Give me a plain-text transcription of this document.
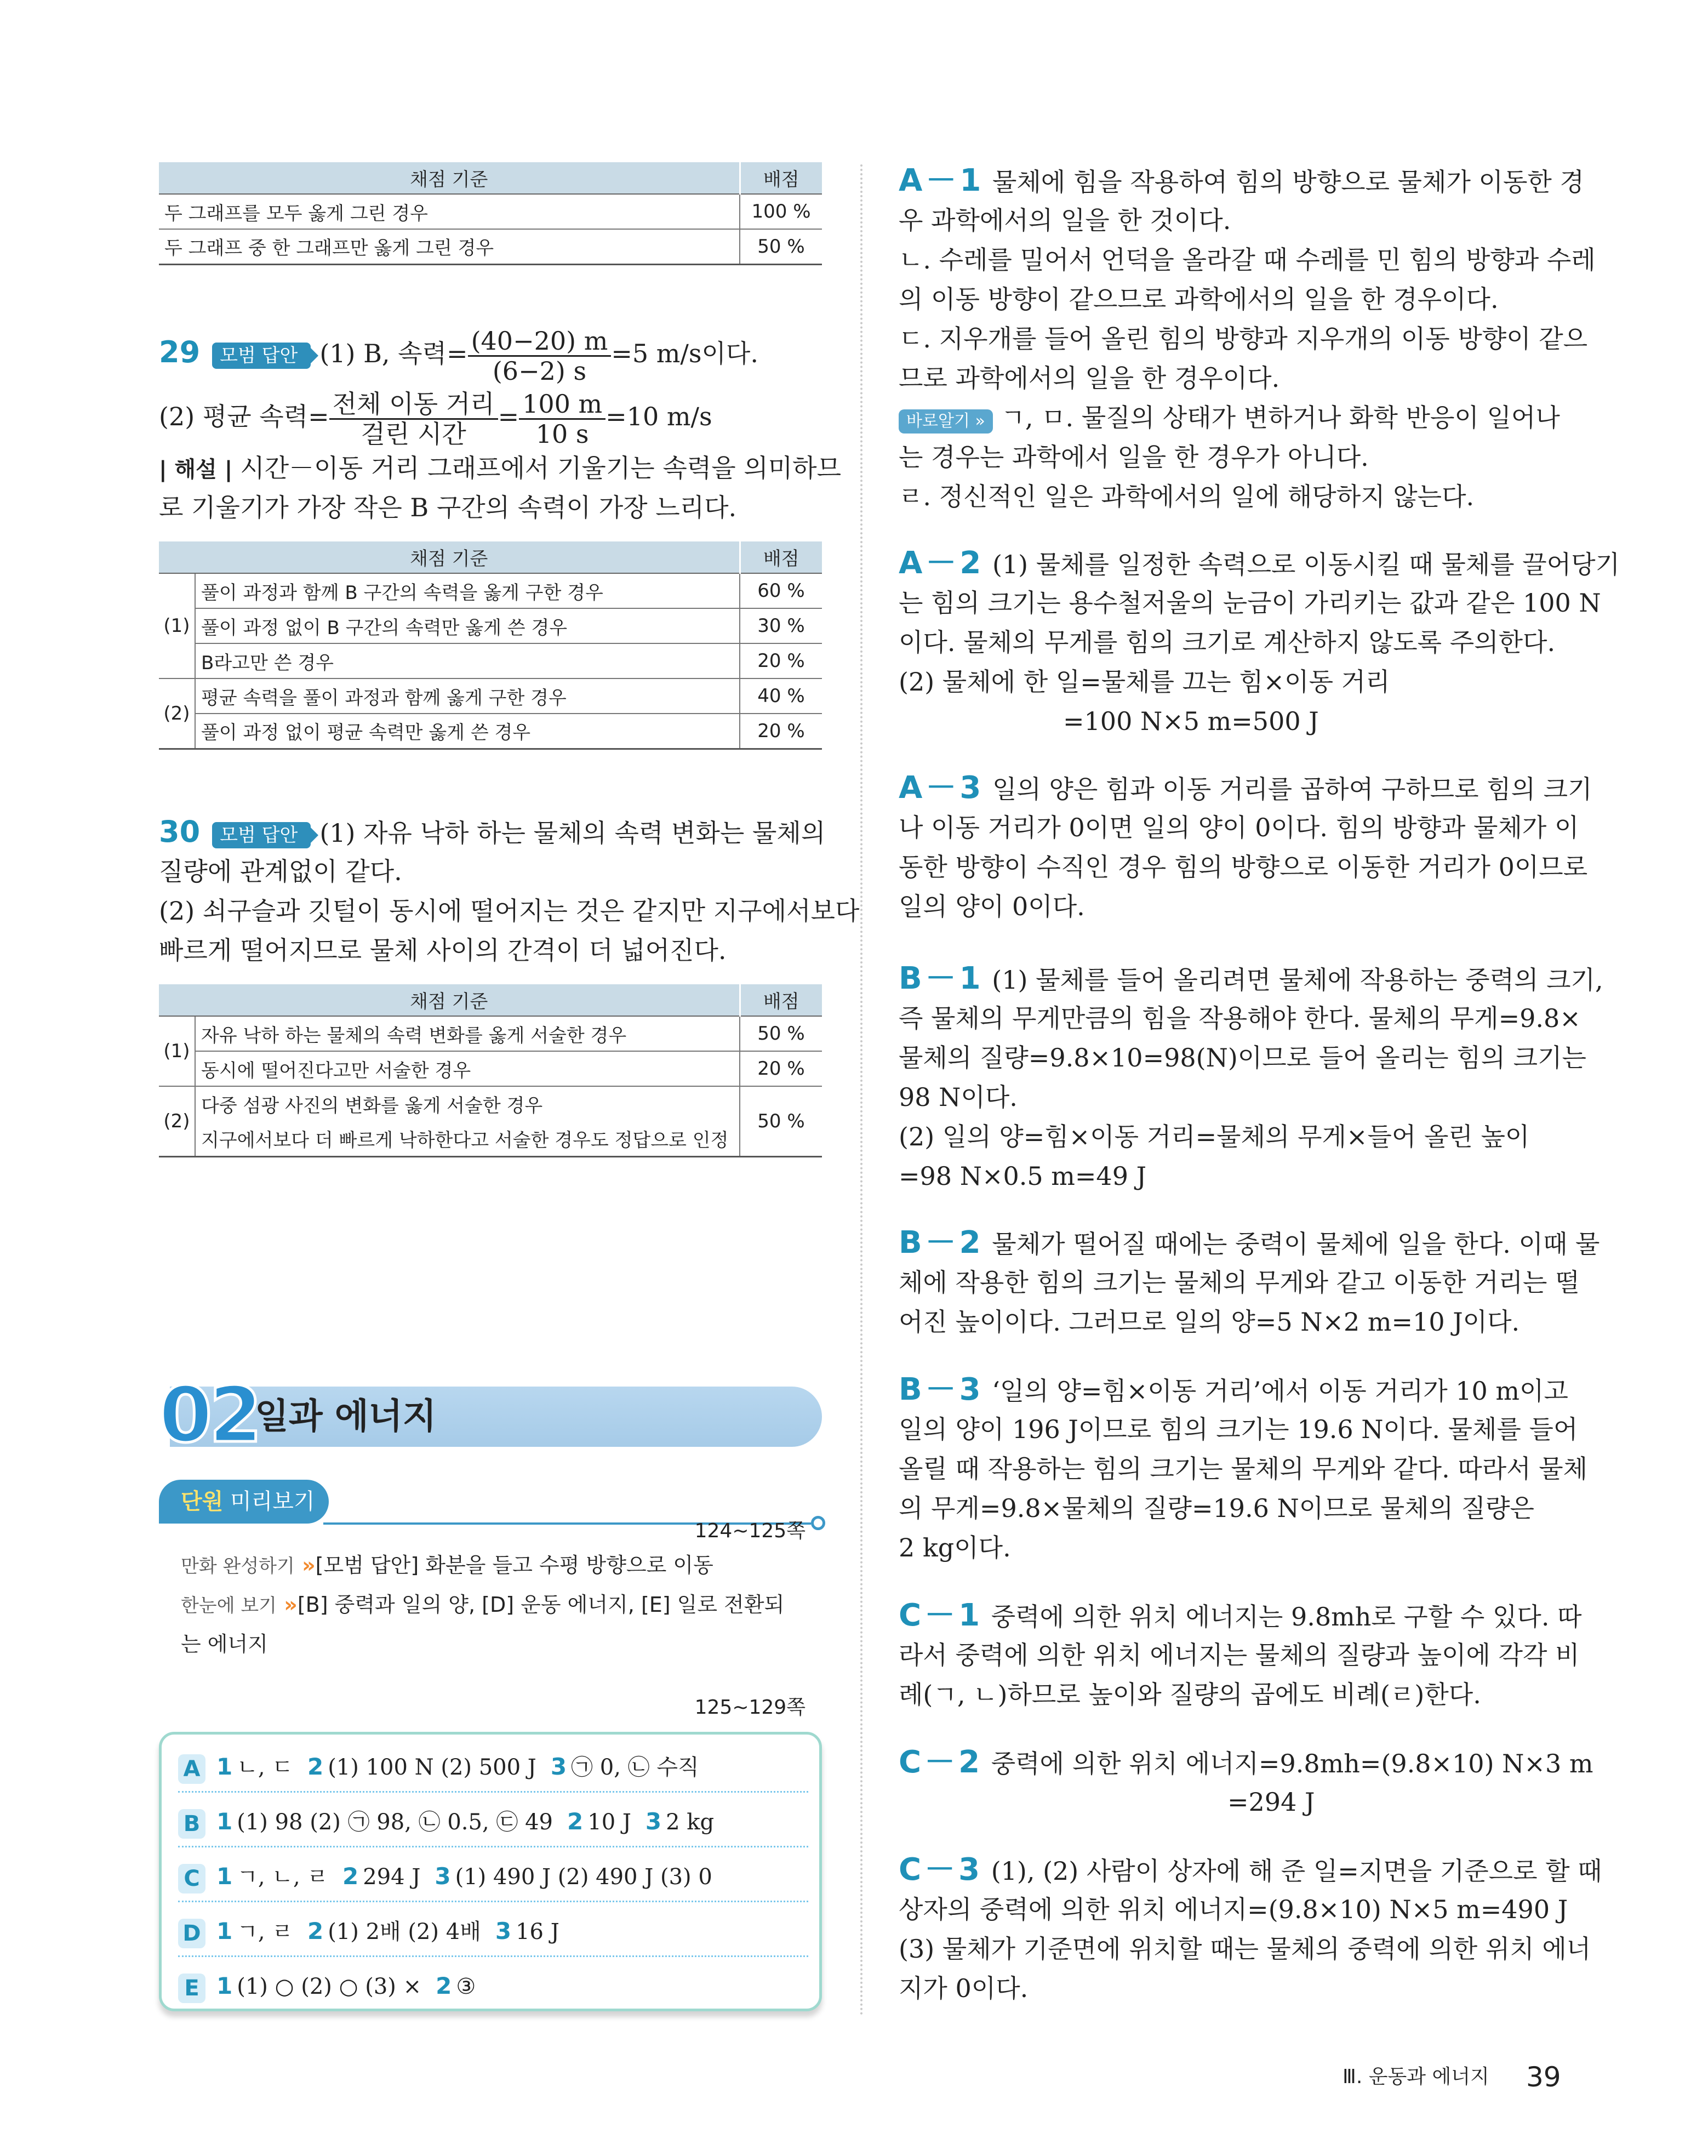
채점 기준	배점
두 그래프를 모두 옳게 그린 경우	100 %
두 그래프 중 한 그래프만 옳게 그린 경우	50 %
29 모범 답안 (1) B, 속력= $\frac{(40-20) m}{(6-2) s} =5$ m/s이다.
(2) 평균 속력= $\frac{\text{전체 이동 거리}}{\text{걸린 시간}} = \frac{100 m}{10 s} =10$ m/s
| 해설 | 시간－이동 거리 그래프에서 기울기는 속력을 의미하므
로 기울기가 가장 작은 B 구간의 속력이 가장 느리다.
채점 기준		배점
(1)	풀이 과정과 함께 B 구간의 속력을 옳게 구한 경우	60 %
	풀이 과정 없이 B 구간의 속력만 옳게 쓴 경우	30 %
	B라고만 쓴 경우	20 %
(2)	평균 속력을 풀이 과정과 함께 옳게 구한 경우	40 %
	풀이 과정 없이 평균 속력만 옳게 쓴 경우	20 %
30 모범 답안 (1) 자유 낙하 하는 물체의 속력 변화는 물체의
질량에 관계없이 같다.
(2) 쇠구슬과 깃털이 동시에 떨어지는 것은 같지만 지구에서보다
빠르게 떨어지므로 물체 사이의 간격이 더 넓어진다.
채점 기준		배점
(1)	자유 낙하 하는 물체의 속력 변화를 옳게 서술한 경우	50 %
	동시에 떨어진다고만 서술한 경우	20 %
(2)	다중 섬광 사진의 변화를 옳게 서술한 경우	50 %
	지구에서보다 더 빠르게 낙하한다고 서술한 경우도 정답으로 인정	
02
일과 에너지
단원 미리보기
124~125쪽
만화 완성하기 »[모범 답안] 화분을 들고 수평 방향으로 이동
한눈에 보기 »[B] 중력과 일의 양, [D] 운동 에너지, [E] 일로 전환되
는 에너지
125~129쪽
A 1 ㄴ, ㄷ 2 (1) 100 N (2) 500 J 3 ㉠ 0, ㉡ 수직
B 1 (1) 98 (2) ㉠ 98, ㉡ 0.5, ㉢ 49 2 10 J 3 2 kg
C 1 ㄱ, ㄴ, ㄹ 2 294 J 3 (1) 490 J (2) 490 J (3) 0
D 1 ㄱ, ㄹ 2 (1) 2배 (2) 4배 3 16 J
E 1 (1) ○ (2) ○ (3) × 2 ③
A－1 물체에 힘을 작용하여 힘의 방향으로 물체가 이동한 경
우 과학에서의 일을 한 것이다.
ㄴ. 수레를 밀어서 언덕을 올라갈 때 수레를 민 힘의 방향과 수레
의 이동 방향이 같으므로 과학에서의 일을 한 경우이다.
ㄷ. 지우개를 들어 올린 힘의 방향과 지우개의 이동 방향이 같으
므로 과학에서의 일을 한 경우이다.
바로알기 » ㄱ, ㅁ. 물질의 상태가 변하거나 화학 반응이 일어나
는 경우는 과학에서 일을 한 경우가 아니다.
ㄹ. 정신적인 일은 과학에서의 일에 해당하지 않는다.
A－2 (1) 물체를 일정한 속력으로 이동시킬 때 물체를 끌어당기
는 힘의 크기는 용수철저울의 눈금이 가리키는 값과 같은 100 N
이다. 물체의 무게를 힘의 크기로 계산하지 않도록 주의한다.
(2) 물체에 한 일=물체를 끄는 힘×이동 거리
=100 N×5 m=500 J
A－3 일의 양은 힘과 이동 거리를 곱하여 구하므로 힘의 크기
나 이동 거리가 0이면 일의 양이 0이다. 힘의 방향과 물체가 이
동한 방향이 수직인 경우 힘의 방향으로 이동한 거리가 0이므로
일의 양이 0이다.
B－1 (1) 물체를 들어 올리려면 물체에 작용하는 중력의 크기,
즉 물체의 무게만큼의 힘을 작용해야 한다. 물체의 무게=9.8×
물체의 질량=9.8×10=98(N)이므로 들어 올리는 힘의 크기는
98 N이다.
(2) 일의 양=힘×이동 거리=물체의 무게×들어 올린 높이
=98 N×0.5 m=49 J
B－2 물체가 떨어질 때에는 중력이 물체에 일을 한다. 이때 물
체에 작용한 힘의 크기는 물체의 무게와 같고 이동한 거리는 떨
어진 높이이다. 그러므로 일의 양=5 N×2 m=10 J이다.
B－3 ‘일의 양=힘×이동 거리’에서 이동 거리가 10 m이고
일의 양이 196 J이므로 힘의 크기는 19.6 N이다. 물체를 들어
올릴 때 작용하는 힘의 크기는 물체의 무게와 같다. 따라서 물체
의 무게=9.8×물체의 질량=19.6 N이므로 물체의 질량은
2 kg이다.
C－1 중력에 의한 위치 에너지는 9.8mh로 구할 수 있다. 따
라서 중력에 의한 위치 에너지는 물체의 질량과 높이에 각각 비
례(ㄱ, ㄴ)하므로 높이와 질량의 곱에도 비례(ㄹ)한다.
C－2 중력에 의한 위치 에너지=9.8mh=(9.8×10) N×3 m
=294 J
C－3 (1), (2) 사람이 상자에 해 준 일=지면을 기준으로 할 때
상자의 중력에 의한 위치 에너지=(9.8×10) N×5 m=490 J
(3) 물체가 기준면에 위치할 때는 물체의 중력에 의한 위치 에너
지가 0이다.
Ⅲ. 운동과 에너지 39
